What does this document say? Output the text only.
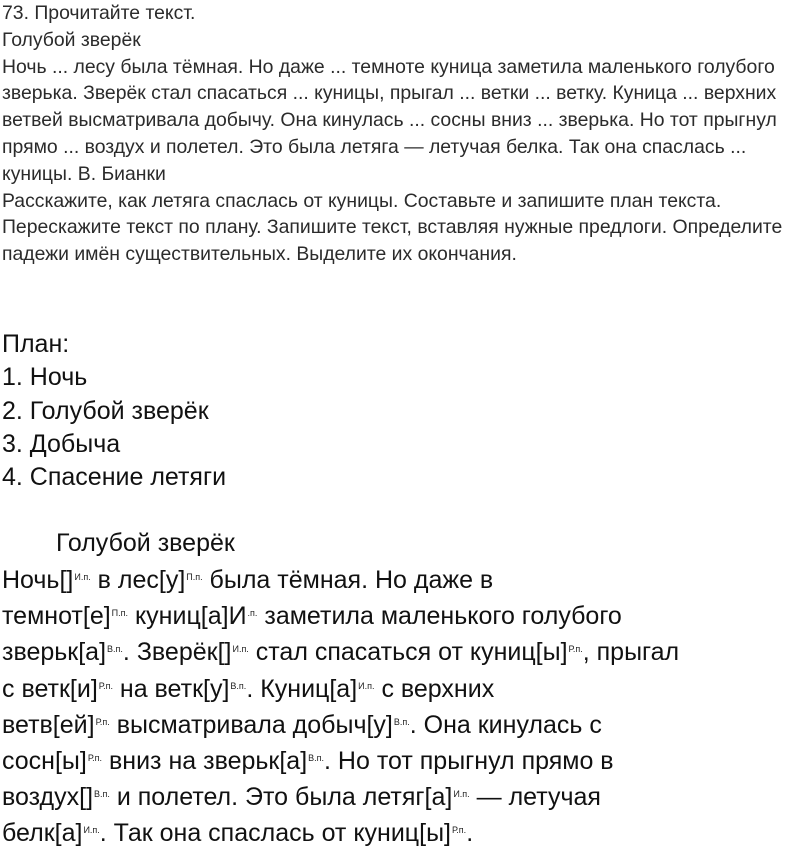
73. Прочитайте текст.

Голубой зверёк

Ночь ... лесу была тёмная. Но даже ... темноте куница заметила маленького голубого зверька. Зверёк стал спасаться ... куницы, прыгал ... ветки ... ветку. Куница ... верхних ветвей высматривала добычу. Она кинулась ... сосны вниз ... зверька. Но тот прыгнул прямо ... воздух и полетел. Это была летяга — летучая белка. Так она спаслась ... куницы. В. Бианки

Расскажите, как летяга спаслась от куницы. Составьте и запишите план текста. Перескажите текст по плану. Запишите текст, вставляя нужные предлоги. Определите падежи имён существительных. Выделите их окончания.

План:

1. Ночь

2. Голубой зверёк

3. Добыча

4. Спасение летяги

Голубой зверёк

Ночь[]$^{И.п.}$ в $лес[у]^{П.п.}$ была тёмная. Но даже в
$темнот[е]^{П.п.}$ $куниц[а]И^{.п.}$ заметила маленького голубого
$зверьк[а]^{В.п.}$. Зверёк[]$^{И.п.}$ стал спасаться от $куниц[ы]^{Р.п.}$, прыгал
с $ветк[и]^{Р.п.}$ на $ветк[у]^{В.п.}$. $Куниц[а]^{И.п.}$ с верхних
ветв[ей]$^{Р.п.}$ высматривала $добыч[у]^{В.п.}$. Она кинулась с
$сосн[ы]^{Р.п.}$ вниз на $зверьк[а]^{В.п.}$. Но тот прыгнул прямо в
воздух[]$^{В.п.}$ и полетел. Это была $летяг[а]^{И.п.}$ — летучая
$белк[а]^{И.п.}$. Так она спаслась от $куниц[ы]^{Р.п.}$.
